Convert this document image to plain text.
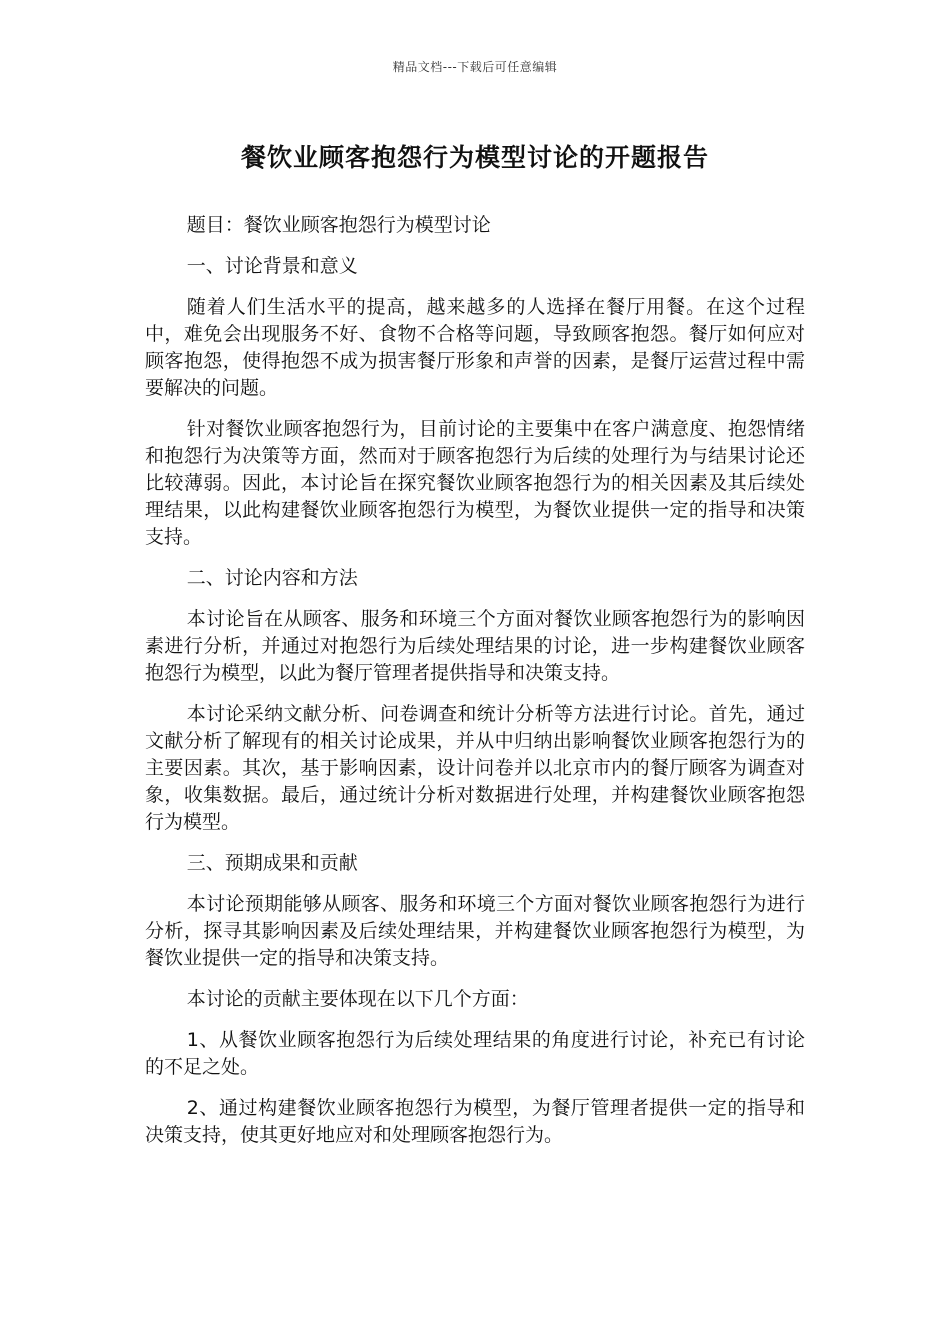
精品文档---下载后可任意编辑
餐饮业顾客抱怨行为模型讨论的开题报告

题目：餐饮业顾客抱怨行为模型讨论

一、讨论背景和意义

随着人们生活水平的提高，越来越多的人选择在餐厅用餐。在这个过程中，难免会出现服务不好、食物不合格等问题，导致顾客抱怨。餐厅如何应对顾客抱怨，使得抱怨不成为损害餐厅形象和声誉的因素，是餐厅运营过程中需要解决的问题。

针对餐饮业顾客抱怨行为，目前讨论的主要集中在客户满意度、抱怨情绪和抱怨行为决策等方面，然而对于顾客抱怨行为后续的处理行为与结果讨论还比较薄弱。因此，本讨论旨在探究餐饮业顾客抱怨行为的相关因素及其后续处理结果，以此构建餐饮业顾客抱怨行为模型，为餐饮业提供一定的指导和决策支持。

二、讨论内容和方法

本讨论旨在从顾客、服务和环境三个方面对餐饮业顾客抱怨行为的影响因素进行分析，并通过对抱怨行为后续处理结果的讨论，进一步构建餐饮业顾客抱怨行为模型，以此为餐厅管理者提供指导和决策支持。

本讨论采纳文献分析、问卷调查和统计分析等方法进行讨论。首先，通过文献分析了解现有的相关讨论成果，并从中归纳出影响餐饮业顾客抱怨行为的主要因素。其次，基于影响因素，设计问卷并以北京市内的餐厅顾客为调查对象，收集数据。最后，通过统计分析对数据进行处理，并构建餐饮业顾客抱怨行为模型。

三、预期成果和贡献

本讨论预期能够从顾客、服务和环境三个方面对餐饮业顾客抱怨行为进行分析，探寻其影响因素及后续处理结果，并构建餐饮业顾客抱怨行为模型，为餐饮业提供一定的指导和决策支持。

本讨论的贡献主要体现在以下几个方面：

1、从餐饮业顾客抱怨行为后续处理结果的角度进行讨论，补充已有讨论的不足之处。

2、通过构建餐饮业顾客抱怨行为模型，为餐厅管理者提供一定的指导和决策支持，使其更好地应对和处理顾客抱怨行为。
